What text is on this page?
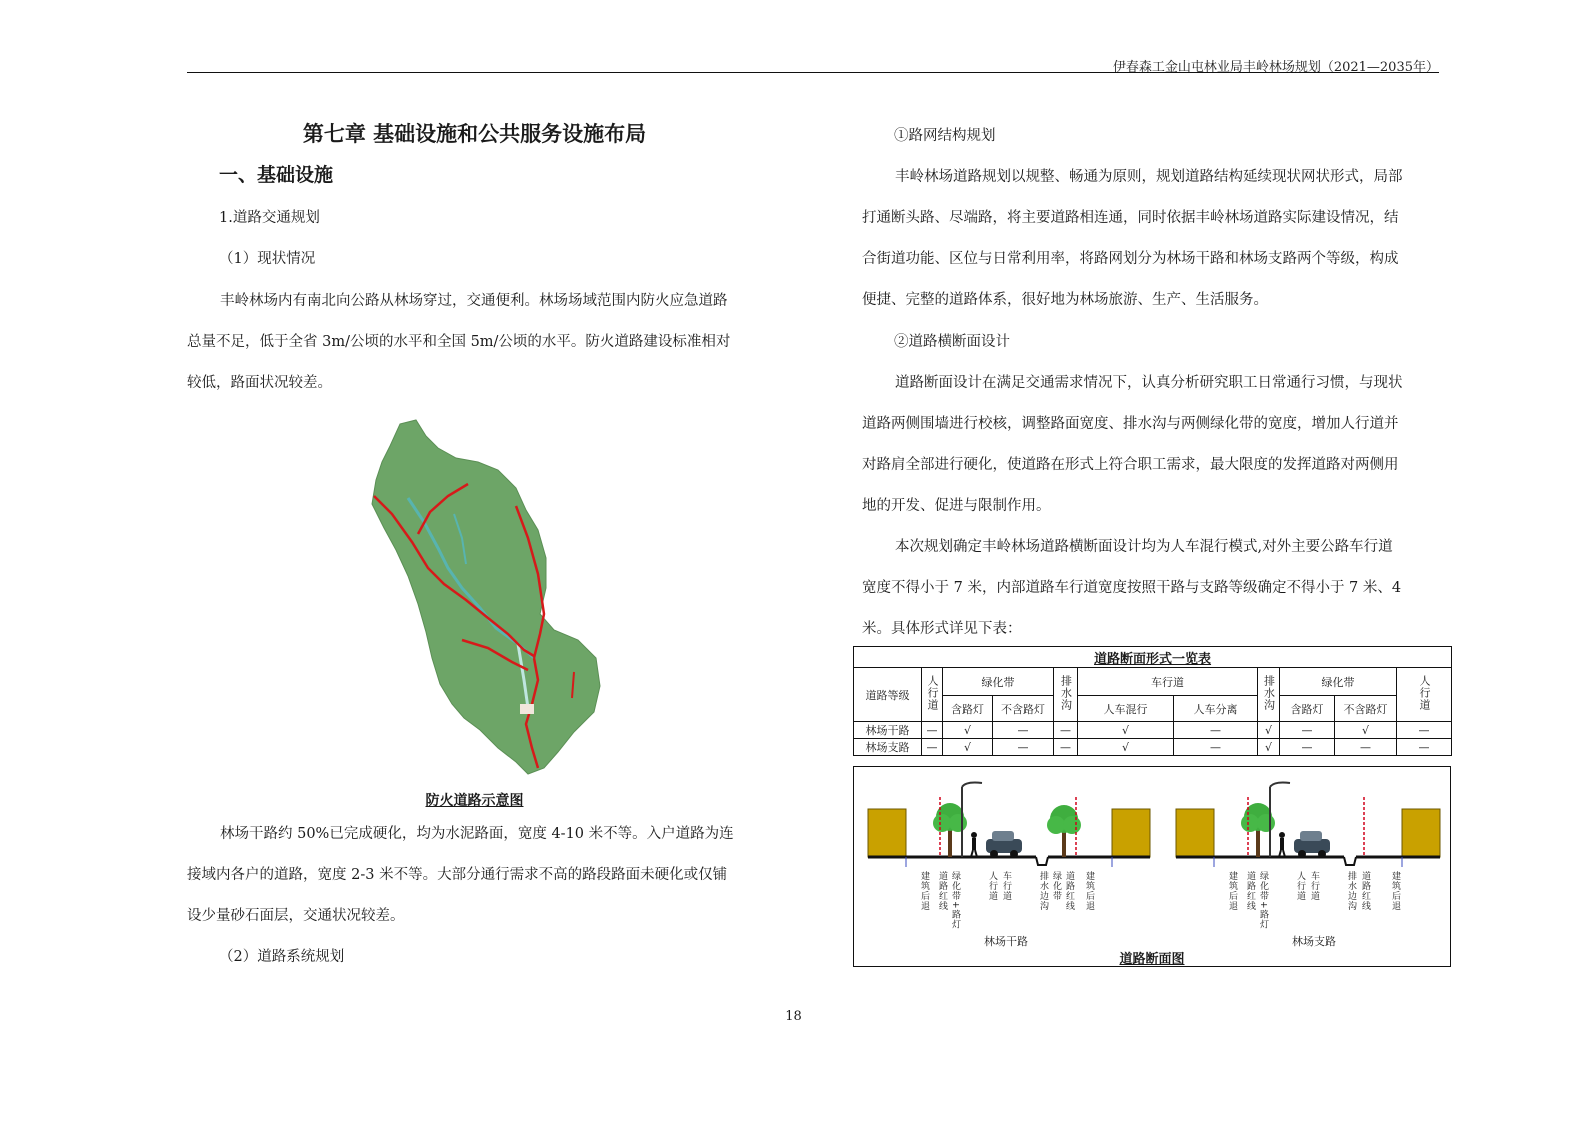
伊春森工金山屯林业局丰岭林场规划（2021—2035年）
第七章 基础设施和公共服务设施布局
一、基础设施
1.道路交通规划
（1）现状情况
丰岭林场内有南北向公路从林场穿过，交通便利。林场场域范围内防火应急道路
总量不足，低于全省 3m/公顷的水平和全国 5m/公顷的水平。防火道路建设标准相对
较低，路面状况较差。
防火道路示意图
林场干路约 50%已完成硬化，均为水泥路面，宽度 4-10 米不等。入户道路为连
接域内各户的道路，宽度 2-3 米不等。大部分通行需求不高的路段路面未硬化或仅铺
设少量砂石面层，交通状况较差。
（2）道路系统规划
①路网结构规划
丰岭林场道路规划以规整、畅通为原则，规划道路结构延续现状网状形式，局部
打通断头路、尽端路，将主要道路相连通，同时依据丰岭林场道路实际建设情况，结
合街道功能、区位与日常利用率，将路网划分为林场干路和林场支路两个等级，构成
便捷、完整的道路体系，很好地为林场旅游、生产、生活服务。
②道路横断面设计
道路断面设计在满足交通需求情况下，认真分析研究职工日常通行习惯，与现状
道路两侧围墙进行校核，调整路面宽度、排水沟与两侧绿化带的宽度，增加人行道并
对路肩全部进行硬化，使道路在形式上符合职工需求，最大限度的发挥道路对两侧用
地的开发、促进与限制作用。
本次规划确定丰岭林场道路横断面设计均为人车混行模式,对外主要公路车行道
宽度不得小于 7 米，内部道路车行道宽度按照干路与支路等级确定不得小于 7 米、4
米。具体形式详见下表：
道路断面形式一览表										
道路等级	人行道	绿化带		排水沟	车行道		排水沟	绿化带		人行道
		含路灯	不含路灯		人车混行	人车分离		含路灯	不含路灯	
林场干路	—	√	—	—	√	—	√	—	√	—
林场支路	—	√	—	—	√	—	√	—	—	—
建筑后退 道路红线 绿化带+路灯	人行道 车行道	排水边沟 绿化带 道路红线 建筑后退	建筑后退 道路红线 绿化带+路灯	人行道 车行道	排水边沟 道路红线 建筑后退
林场干路	林场支路
道路断面图
18
